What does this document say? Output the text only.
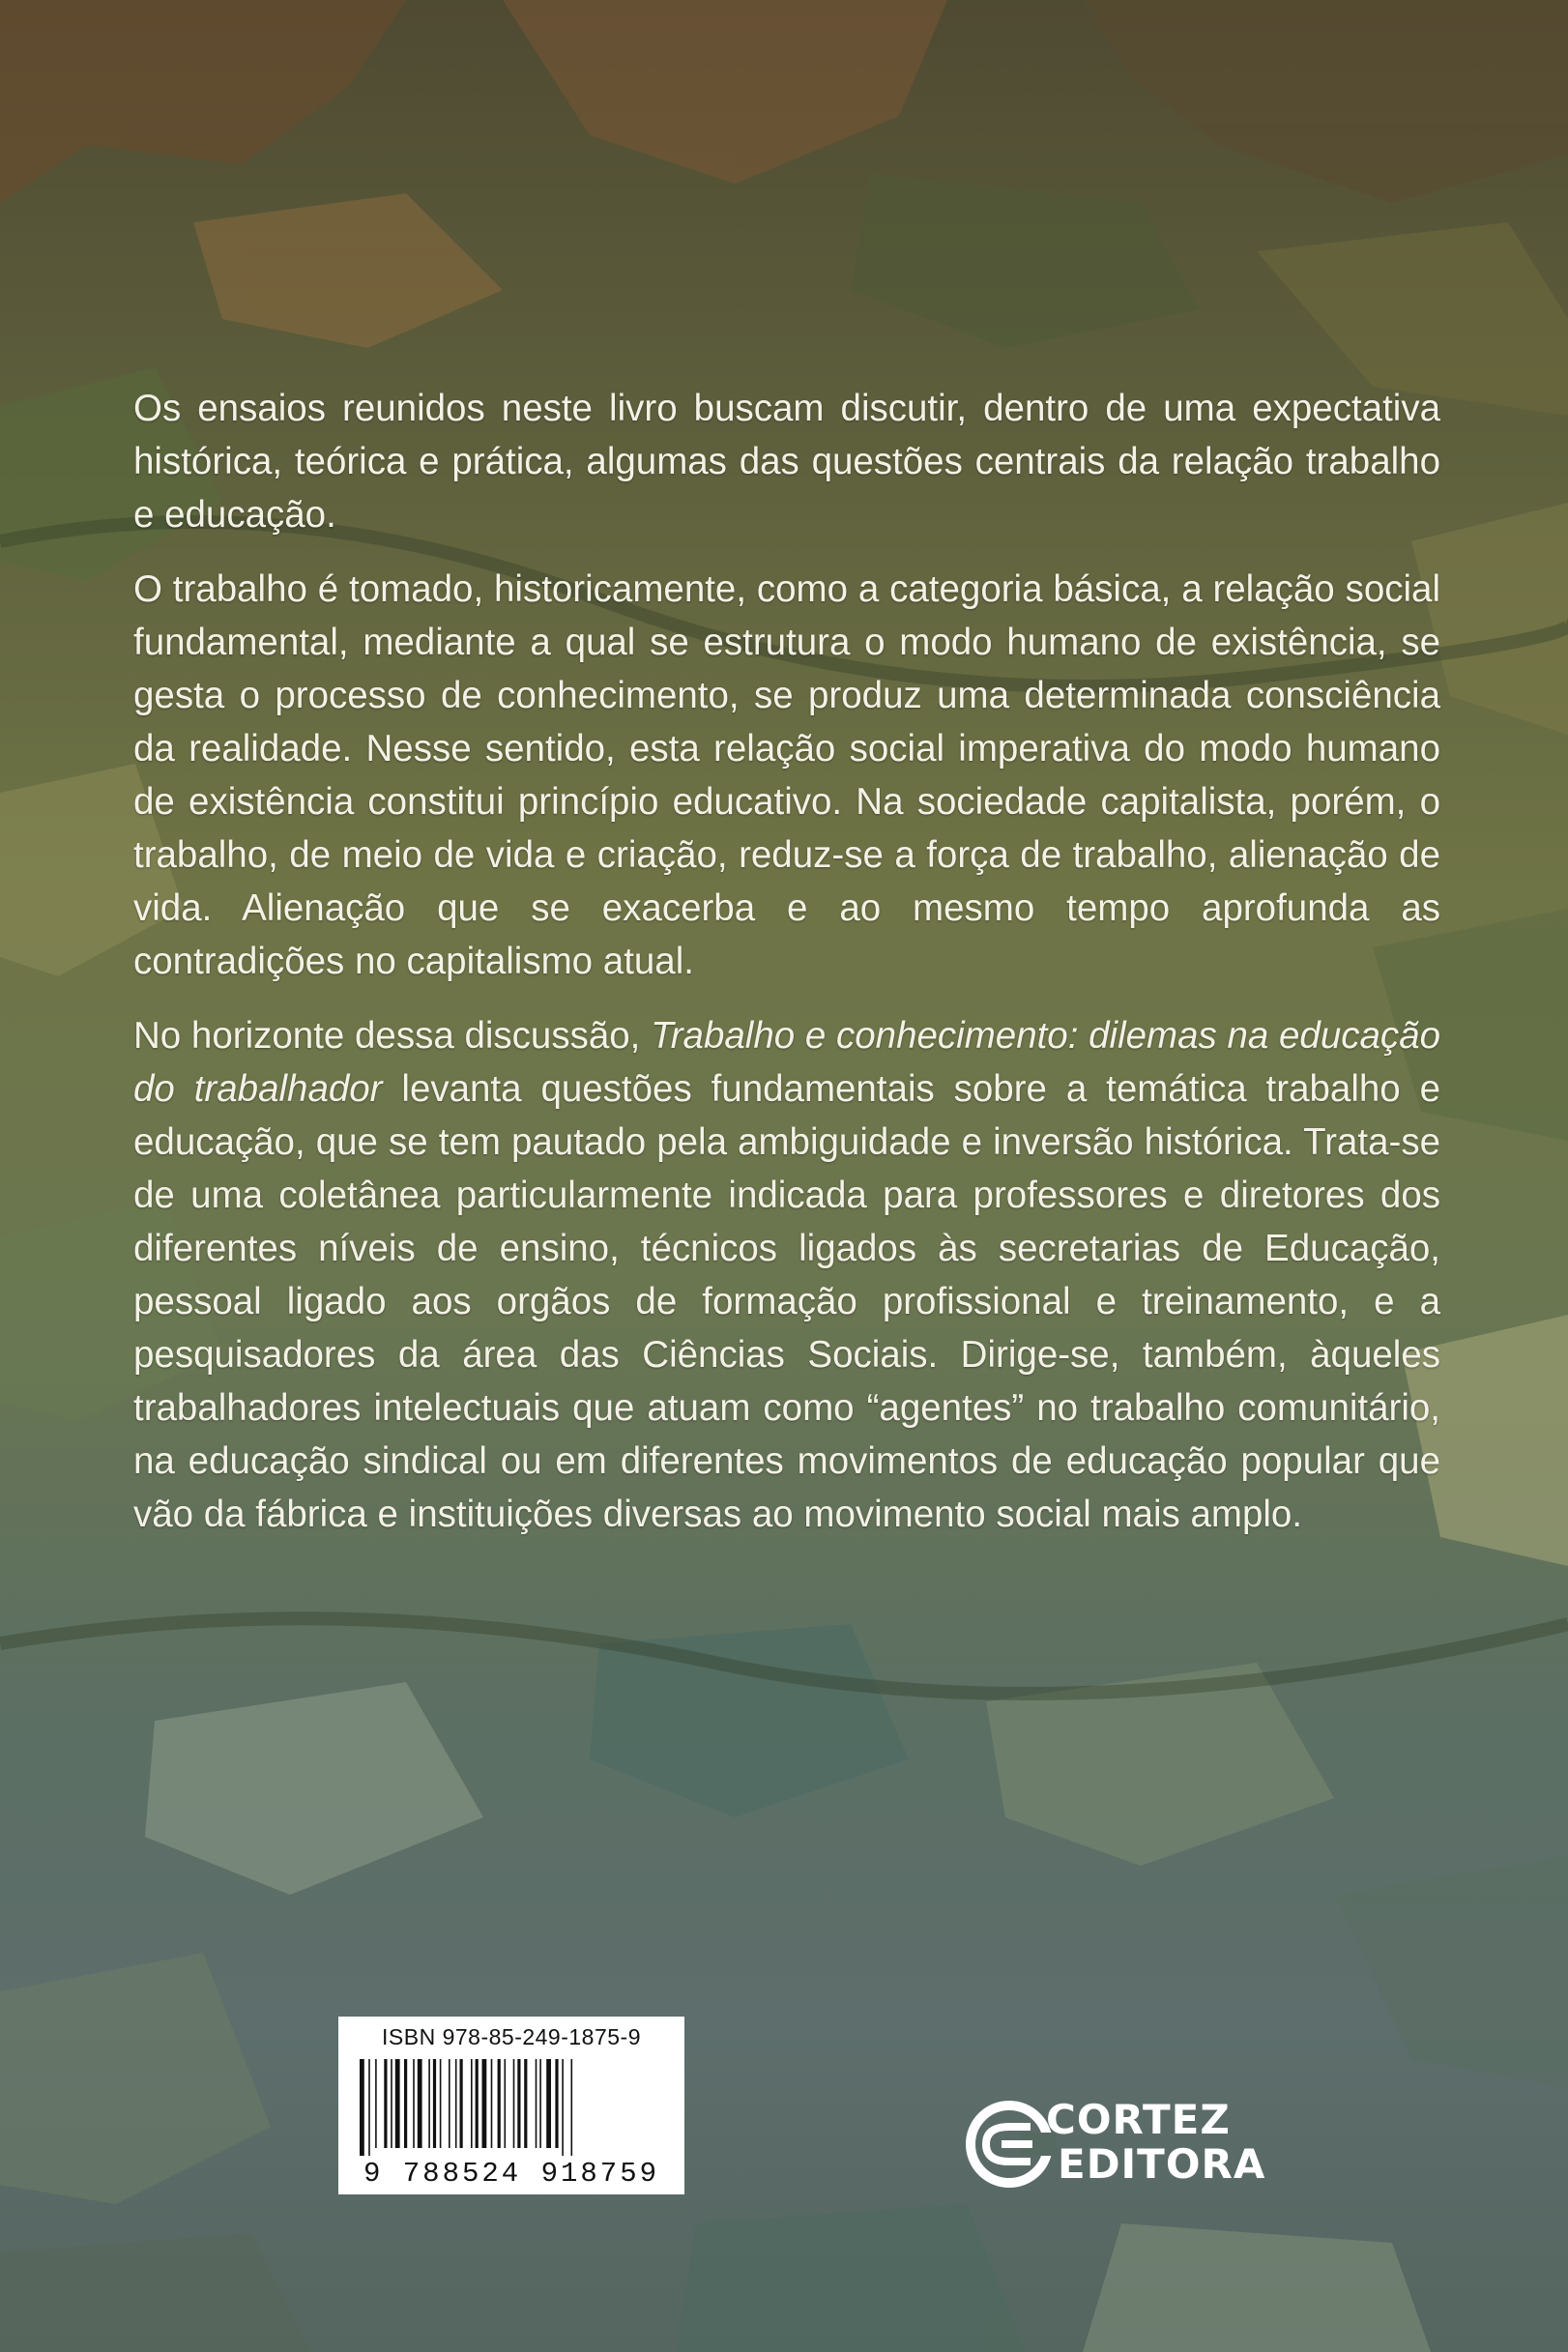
Os ensaios reunidos neste livro buscam discutir, dentro de uma expectativa histórica, teórica e prática, algumas das questões centrais da relação trabalho e educação.

O trabalho é tomado, historicamente, como a categoria básica, a relação social fundamental, mediante a qual se estrutura o modo humano de existência, se gesta o processo de conhecimento, se produz uma determinada consciência da realidade. Nesse sentido, esta relação social imperativa do modo humano de existência constitui princípio educativo. Na sociedade capitalista, porém, o trabalho, de meio de vida e criação, reduz-se a força de trabalho, alienação de vida. Alienação que se exacerba e ao mesmo tempo aprofunda as contradições no capitalismo atual.

No horizonte dessa discussão, Trabalho e conhecimento: dilemas na educação do trabalhador levanta questões fundamentais sobre a temática trabalho e educação, que se tem pautado pela ambiguidade e inversão histórica. Trata-se de uma coletânea particularmente indicada para professores e diretores dos diferentes níveis de ensino, técnicos ligados às secretarias de Educação, pessoal ligado aos orgãos de formação profissional e treinamento, e a pesquisadores da área das Ciências Sociais. Dirige-se, também, àqueles trabalhadores intelectuais que atuam como “agentes” no trabalho comunitário, na educação sindical ou em diferentes movimentos de educação popular que vão da fábrica e instituições diversas ao movimento social mais amplo.

ISBN 978-85-249-1875-9
9 788524 918759
CORTEZ
EDITORA
